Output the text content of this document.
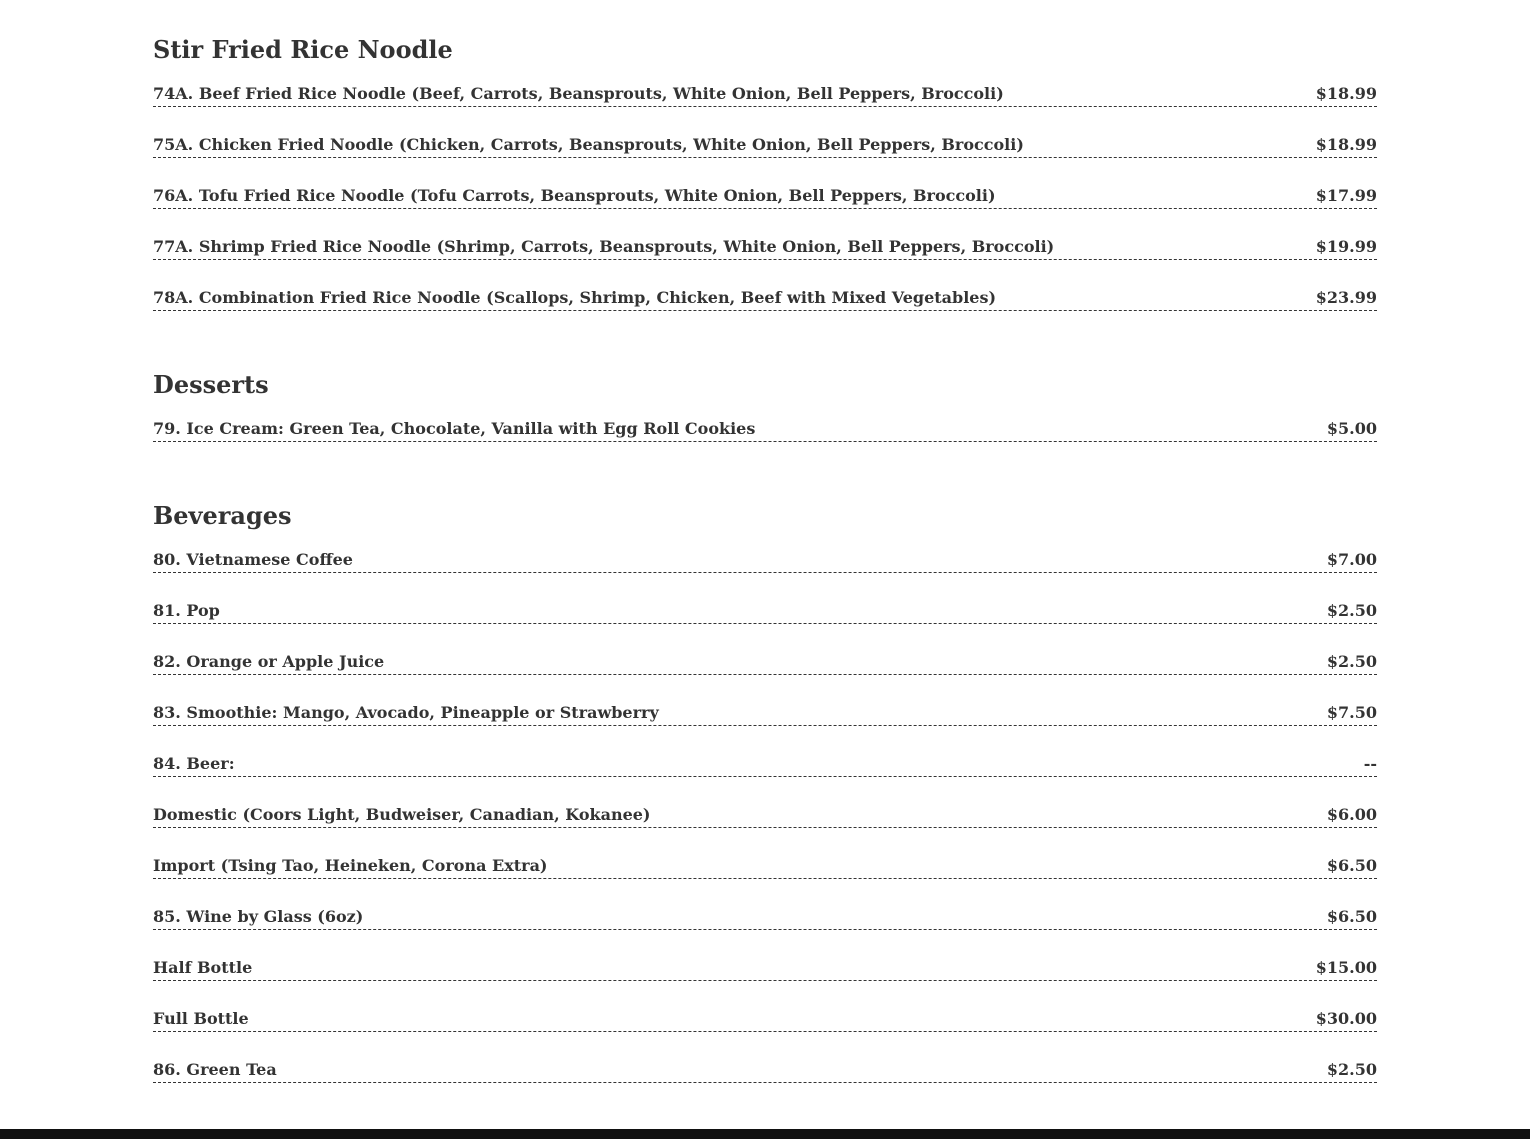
Stir Fried Rice Noodle
74A. Beef Fried Rice Noodle (Beef, Carrots, Beansprouts, White Onion, Bell Peppers, Broccoli)	$18.99
75A. Chicken Fried Noodle (Chicken, Carrots, Beansprouts, White Onion, Bell Peppers, Broccoli)	$18.99
76A. Tofu Fried Rice Noodle (Tofu Carrots, Beansprouts, White Onion, Bell Peppers, Broccoli)	$17.99
77A. Shrimp Fried Rice Noodle (Shrimp, Carrots, Beansprouts, White Onion, Bell Peppers, Broccoli)	$19.99
78A. Combination Fried Rice Noodle (Scallops, Shrimp, Chicken, Beef with Mixed Vegetables)	$23.99
Desserts
79. Ice Cream: Green Tea, Chocolate, Vanilla with Egg Roll Cookies	$5.00
Beverages
80. Vietnamese Coffee	$7.00
81. Pop	$2.50
82. Orange or Apple Juice	$2.50
83. Smoothie: Mango, Avocado, Pineapple or Strawberry	$7.50
84. Beer:	--
Domestic (Coors Light, Budweiser, Canadian, Kokanee)	$6.00
Import (Tsing Tao, Heineken, Corona Extra)	$6.50
85. Wine by Glass (6oz)	$6.50
Half Bottle	$15.00
Full Bottle	$30.00
86. Green Tea	$2.50
